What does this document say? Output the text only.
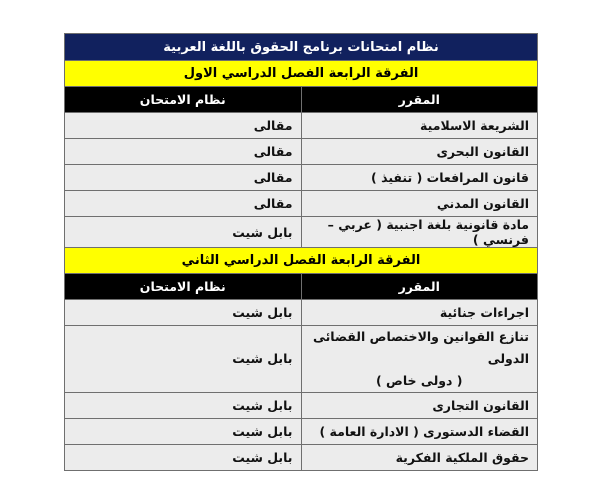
نظام امتحانات برنامج الحقوق باللغة العربية	
الفرقة الرابعة الفصل الدراسي الاول	
المقرر	نظام الامتحان
الشريعة الاسلامية	مقالى
القانون البحرى	مقالى
قانون المرافعات ( تنفيذ )	مقالى
القانون المدني	مقالى
مادة قانونية بلغة اجنبية ( عربي – فرنسي )	بابل شيت
الفرقة الرابعة الفصل الدراسي الثاني	
المقرر	نظام الامتحان
اجراءات جنائية	بابل شيت

تنازع القوانين والاختصاص القضائى الدولى
( دولى خاص )	بابل شيت
القانون التجارى	بابل شيت
القضاء الدستورى ( الادارة العامة )	بابل شيت
حقوق الملكية الفكرية	بابل شيت
